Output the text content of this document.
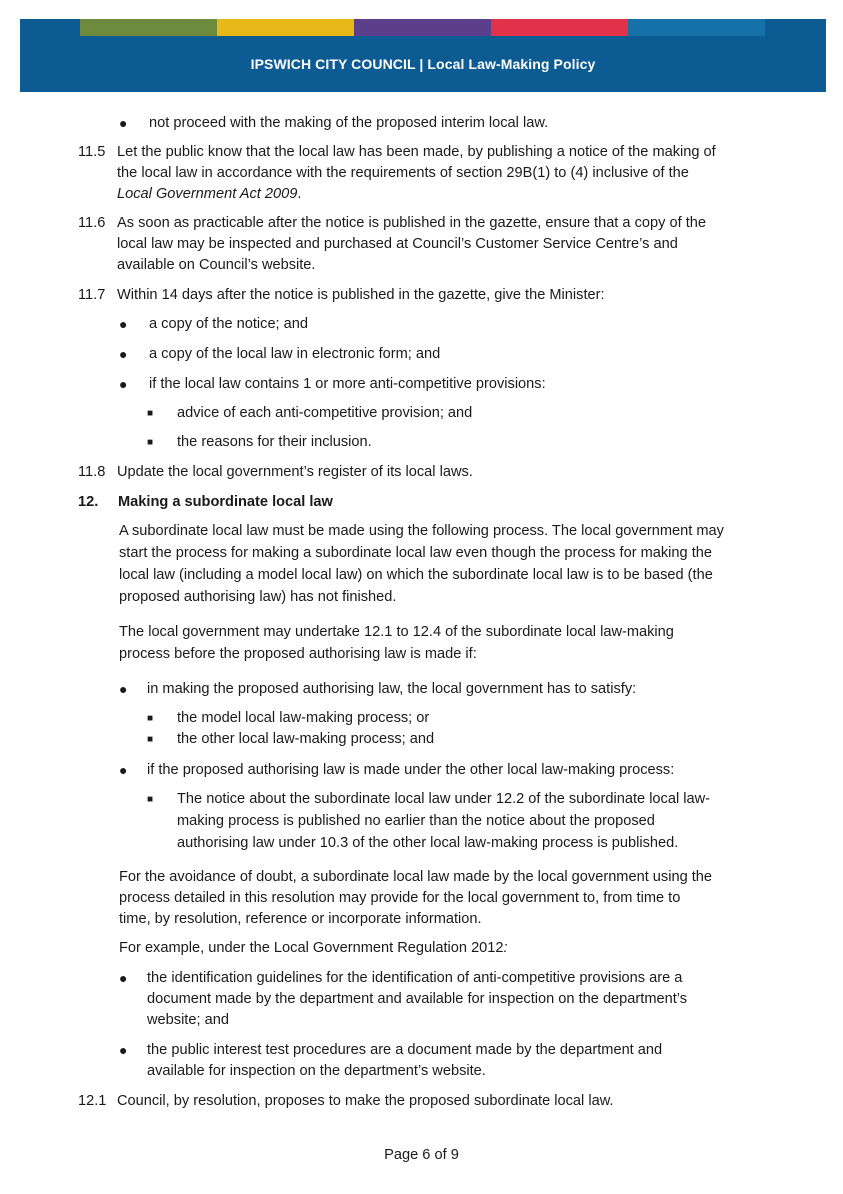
IPSWICH CITY COUNCIL | Local Law-Making Policy
● not proceed with the making of the proposed interim local law.
11.5 Let the public know that the local law has been made, by publishing a notice of the making of
the local law in accordance with the requirements of section 29B(1) to (4) inclusive of the
Local Government Act 2009.
11.6 As soon as practicable after the notice is published in the gazette, ensure that a copy of the
local law may be inspected and purchased at Council’s Customer Service Centre’s and
available on Council’s website.
11.7 Within 14 days after the notice is published in the gazette, give the Minister:
● a copy of the notice; and
● a copy of the local law in electronic form; and
● if the local law contains 1 or more anti-competitive provisions:
■ advice of each anti-competitive provision; and
■ the reasons for their inclusion.
11.8 Update the local government’s register of its local laws.
12. Making a subordinate local law
A subordinate local law must be made using the following process. The local government may
start the process for making a subordinate local law even though the process for making the
local law (including a model local law) on which the subordinate local law is to be based (the
proposed authorising law) has not finished.
The local government may undertake 12.1 to 12.4 of the subordinate local law-making
process before the proposed authorising law is made if:
● in making the proposed authorising law, the local government has to satisfy:
■ the model local law-making process; or
■ the other local law-making process; and
● if the proposed authorising law is made under the other local law-making process:
■ The notice about the subordinate local law under 12.2 of the subordinate local law-
making process is published no earlier than the notice about the proposed
authorising law under 10.3 of the other local law-making process is published.
For the avoidance of doubt, a subordinate local law made by the local government using the
process detailed in this resolution may provide for the local government to, from time to
time, by resolution, reference or incorporate information.
For example, under the Local Government Regulation 2012:
● the identification guidelines for the identification of anti-competitive provisions are a
document made by the department and available for inspection on the department’s
website; and
● the public interest test procedures are a document made by the department and
available for inspection on the department’s website.
12.1 Council, by resolution, proposes to make the proposed subordinate local law.
Page 6 of 9
